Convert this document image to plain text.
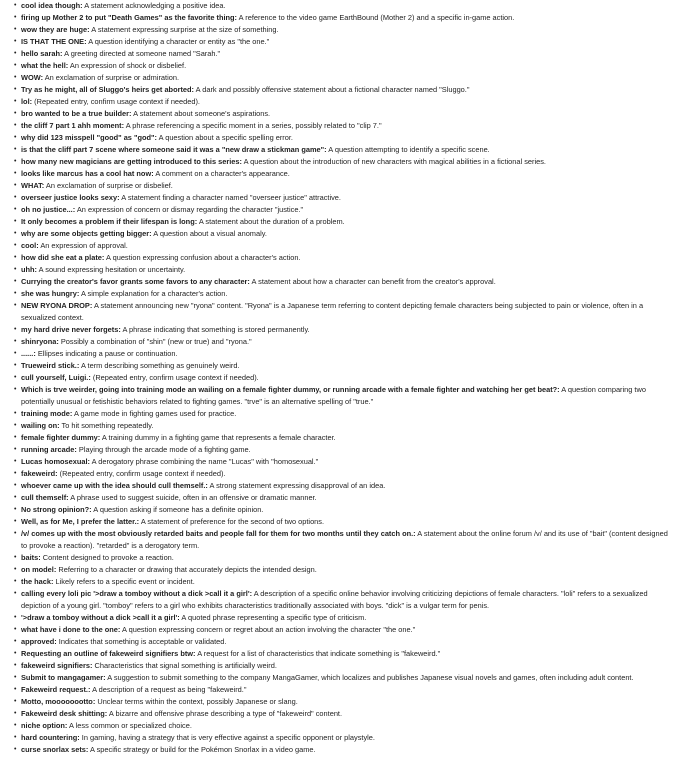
• cool idea though: A statement acknowledging a positive idea.
• firing up Mother 2 to put "Death Games" as the favorite thing: A reference to the video game EarthBound (Mother 2) and a specific in-game action.
• wow they are huge: A statement expressing surprise at the size of something.
• IS THAT THE ONE: A question identifying a character or entity as "the one."
• hello sarah: A greeting directed at someone named "Sarah."
• what the hell: An expression of shock or disbelief.
• WOW: An exclamation of surprise or admiration.
• Try as he might, all of Sluggo's heirs get aborted: A dark and possibly offensive statement about a fictional character named "Sluggo."
• lol: (Repeated entry, confirm usage context if needed).
• bro wanted to be a true builder: A statement about someone's aspirations.
• the cliff 7 part 1 ahh moment: A phrase referencing a specific moment in a series, possibly related to "clip 7."
• why did 123 misspell "good" as "god": A question about a specific spelling error.
• is that the cliff part 7 scene where someone said it was a "new draw a stickman game": A question attempting to identify a specific scene.
• how many new magicians are getting introduced to this series: A question about the introduction of new characters with magical abilities in a fictional series.
• looks like marcus has a cool hat now: A comment on a character's appearance.
• WHAT: An exclamation of surprise or disbelief.
• overseer justice looks sexy: A statement finding a character named "overseer justice" attractive.
• oh no justice...: An expression of concern or dismay regarding the character "justice."
• It only becomes a problem if their lifespan is long: A statement about the duration of a problem.
• why are some objects getting bigger: A question about a visual anomaly.
• cool: An expression of approval.
• how did she eat a plate: A question expressing confusion about a character's action.
• uhh: A sound expressing hesitation or uncertainty.
• Currying the creator's favor grants some favors to any character: A statement about how a character can benefit from the creator's approval.
• she was hungry: A simple explanation for a character's action.
• NEW RYONA DROP: A statement announcing new "ryona" content. "Ryona" is a Japanese term referring to content depicting female characters being subjected to pain or violence, often in a sexualized context.
• my hard drive never forgets: A phrase indicating that something is stored permanently.
• shinryona: Possibly a combination of "shin" (new or true) and "ryona."
• ......: Ellipses indicating a pause or continuation.
• Trueweird stick.: A term describing something as genuinely weird.
• cull yourself, Luigi.: (Repeated entry, confirm usage context if needed).
• Which is trve weirder, going into training mode an wailing on a female fighter dummy, or running arcade with a female fighter and watching her get beat?: A question comparing two potentially unusual or fetishistic behaviors related to fighting games. "trve" is an alternative spelling of "true."
• training mode: A game mode in fighting games used for practice.
• wailing on: To hit something repeatedly.
• female fighter dummy: A training dummy in a fighting game that represents a female character.
• running arcade: Playing through the arcade mode of a fighting game.
• Lucas homosexual: A derogatory phrase combining the name "Lucas" with "homosexual."
• fakeweird: (Repeated entry, confirm usage context if needed).
• whoever came up with the idea should cull themself.: A strong statement expressing disapproval of an idea.
• cull themself: A phrase used to suggest suicide, often in an offensive or dramatic manner.
• No strong opinion?: A question asking if someone has a definite opinion.
• Well, as for Me, I prefer the latter.: A statement of preference for the second of two options.
• /v/ comes up with the most obviously retarded baits and people fall for them for two months until they catch on.: A statement about the online forum /v/ and its use of "bait" (content designed to provoke a reaction). "retarded" is a derogatory term.
• baits: Content designed to provoke a reaction.
• on model: Referring to a character or drawing that accurately depicts the intended design.
• the hack: Likely refers to a specific event or incident.
• calling every loli pic '>draw a tomboy without a dick >call it a girl': A description of a specific online behavior involving criticizing depictions of female characters. "loli" refers to a sexualized depiction of a young girl. "tomboy" refers to a girl who exhibits characteristics traditionally associated with boys. "dick" is a vulgar term for penis.
• '>draw a tomboy without a dick >call it a girl': A quoted phrase representing a specific type of criticism.
• what have i done to the one: A question expressing concern or regret about an action involving the character "the one."
• approved: Indicates that something is acceptable or validated.
• Requesting an outline of fakeweird signifiers btw: A request for a list of characteristics that indicate something is "fakeweird."
• fakeweird signifiers: Characteristics that signal something is artificially weird.
• Submit to mangagamer: A suggestion to submit something to the company MangaGamer, which localizes and publishes Japanese visual novels and games, often including adult content.
• Fakeweird request.: A description of a request as being "fakeweird."
• Motto, moooooootto: Unclear terms within the context, possibly Japanese or slang.
• Fakeweird desk shitting: A bizarre and offensive phrase describing a type of "fakeweird" content.
• niche option: A less common or specialized choice.
• hard countering: In gaming, having a strategy that is very effective against a specific opponent or playstyle.
• curse snorlax sets: A specific strategy or build for the Pokémon Snorlax in a video game.
